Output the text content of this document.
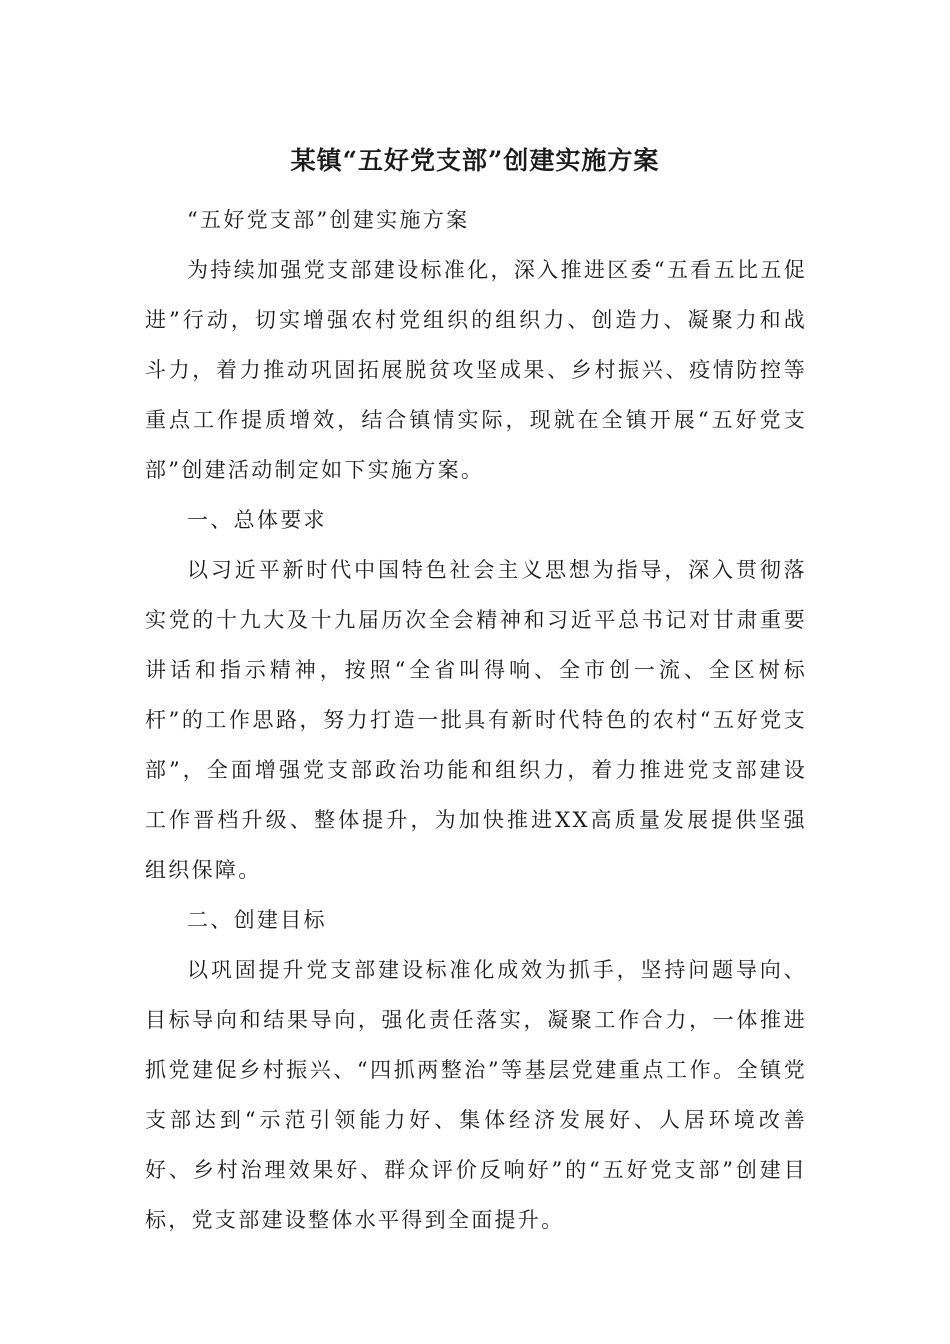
某镇“五好党支部”创建实施方案

“五好党支部”创建实施方案

为持续加强党支部建设标准化，深入推进区委“五看五比五促进”行动，切实增强农村党组织的组织力、创造力、凝聚力和战斗力，着力推动巩固拓展脱贫攻坚成果、乡村振兴、疫情防控等重点工作提质增效，结合镇情实际，现就在全镇开展“五好党支部”创建活动制定如下实施方案。

一、总体要求

以习近平新时代中国特色社会主义思想为指导，深入贯彻落实党的十九大及十九届历次全会精神和习近平总书记对甘肃重要讲话和指示精神，按照“全省叫得响、全市创一流、全区树标杆”的工作思路，努力打造一批具有新时代特色的农村“五好党支部”，全面增强党支部政治功能和组织力，着力推进党支部建设工作晋档升级、整体提升，为加快推进XX高质量发展提供坚强组织保障。

二、创建目标

以巩固提升党支部建设标准化成效为抓手，坚持问题导向、目标导向和结果导向，强化责任落实，凝聚工作合力，一体推进抓党建促乡村振兴、“四抓两整治”等基层党建重点工作。全镇党支部达到“示范引领能力好、集体经济发展好、人居环境改善好、乡村治理效果好、群众评价反响好”的“五好党支部”创建目标，党支部建设整体水平得到全面提升。
